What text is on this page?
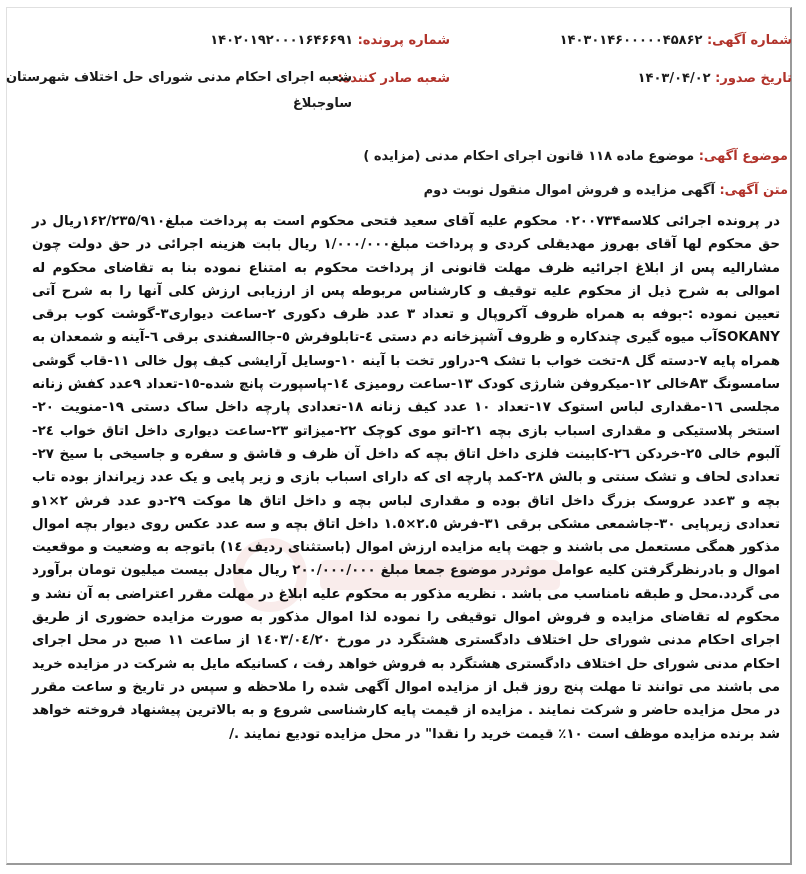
شماره آگهی: ۱۴۰۳۰۱۴۶۰۰۰۰۰۴۵۸۶۲
شماره پرونده: ۱۴۰۲۰۱۹۲۰۰۰۱۶۴۶۶۹۱
تاریخ صدور: ۱۴۰۳/۰۴/۰۲
شعبه صادر کننده:
شعبه اجرای احکام مدنی شورای حل اختلاف شهرستان
ساوجبلاغ
موضوع آگهی: موضوع ماده ۱۱۸ قانون اجرای احکام مدنی (مزایده )
متن آگهی: آگهی مزایده و فروش اموال منقول نوبت دوم

در پرونده اجرائی کلاسه۰۲۰۰۷۳۴ محکوم علیه آقای سعید فتحی محکوم است به پرداخت مبلغ۱۶۲/۲۳۵/۹۱۰ریال در حق محکوم لها آقای بهروز مهدیقلی کردی و پرداخت مبلغ۱/۰۰۰/۰۰۰ ریال بابت هزینه اجرائی در حق دولت چون مشارالیه پس از ابلاغ اجرائیه ظرف مهلت قانونی از پرداخت محکوم به امتناع نموده بنا به تقاضای محکوم له اموالی به شرح ذیل از محکوم علیه توقیف و کارشناس مربوطه پس از ارزیابی ارزش کلی آنها را به شرح آتی تعیین نموده :-بوفه به همراه ظروف آکروپال و تعداد ۳ عدد ظرف دکوری ۲-ساعت دیواری۳-گوشت کوب برقی SOKANYآب میوه گیری چندکاره و ظروف آشپزخانه دم دستی ٤-تابلوفرش ٥-جاالسفندی برقی ٦-آینه و شمعدان به همراه پایه ۷-دسته گل ۸-تخت خواب با تشک ۹-دراور تخت با آینه ۱۰-وسایل آرایشی کیف پول خالی ۱۱-قاب گوشی سامسونگ A۳خالی ۱۲-میکروفن شارژی کودک ۱۳-ساعت رومیزی ۱٤-پاسپورت پانچ شده-۱٥-تعداد ۹عدد کفش زنانه مجلسی ۱٦-مقداری لباس استوک ۱۷-تعداد ۱۰ عدد کیف زنانه ۱۸-تعدادی پارچه داخل ساک دستی ۱۹-منویت ۲۰-استخر پلاستیکی و مقداری اسباب بازی بچه ۲۱-اتو موی کوچک ۲۲-میزاتو ۲۳-ساعت دیواری داخل اتاق خواب ۲٤-آلبوم خالی ۲٥-خردکن ۲٦-کابینت فلزی داخل اتاق بچه که داخل آن ظرف و قاشق و سفره و جاسیخی با سیخ ۲۷-تعدادی لحاف و تشک سنتی و بالش ۲۸-کمد پارچه ای که دارای اسباب بازی و زیر پایی و یک عدد زیرانداز بوده تاب بچه و ۳عدد عروسک بزرگ داخل اتاق بوده و مقداری لباس بچه و داخل اتاق ها موکت ۲۹-دو عدد فرش ۲×۱و تعدادی زیرپایی ۳۰-جاشمعی مشکی برقی ۳۱-فرش ۲.٥×۱.٥ داخل اتاق بچه و سه عدد عکس روی دیوار بچه اموال مذکور همگی مستعمل می باشند و جهت پایه مزایده ارزش اموال (باستثنای ردیف ۱٤) باتوجه به وضعیت و موقعیت اموال و بادرنظرگرفتن کلیه عوامل موثردر موضوع جمعا مبلغ ۲۰۰/۰۰۰/۰۰۰ ریال معادل بیست میلیون تومان برآورد می گردد.محل و طبقه نامناسب می باشد . نظریه مذکور به محکوم علیه ابلاغ در مهلت مقرر اعتراضی به آن نشد و محکوم له تقاضای مزایده و فروش اموال توقیفی را نموده لذا اموال مذکور به صورت مزایده حضوری از طریق اجرای احکام مدنی شورای حل اختلاف دادگستری هشتگرد در مورخ ۱٤۰۳/۰٤/۲۰ از ساعت ۱۱ صبح در محل اجرای احکام مدنی شورای حل اختلاف دادگستری هشتگرد به فروش خواهد رفت ، کسانیکه مایل به شرکت در مزایده خرید می باشند می توانند تا مهلت پنج روز قبل از مزایده اموال آگهی شده را ملاحظه و سپس در تاریخ و ساعت مقرر در محل مزایده حاضر و شرکت نمایند . مزایده از قیمت پایه کارشناسی شروع و به بالاترین پیشنهاد فروخته خواهد شد برنده مزایده موظف است ۱۰٪ قیمت خرید را نقدا" در محل مزایده تودیع نمایند ./
